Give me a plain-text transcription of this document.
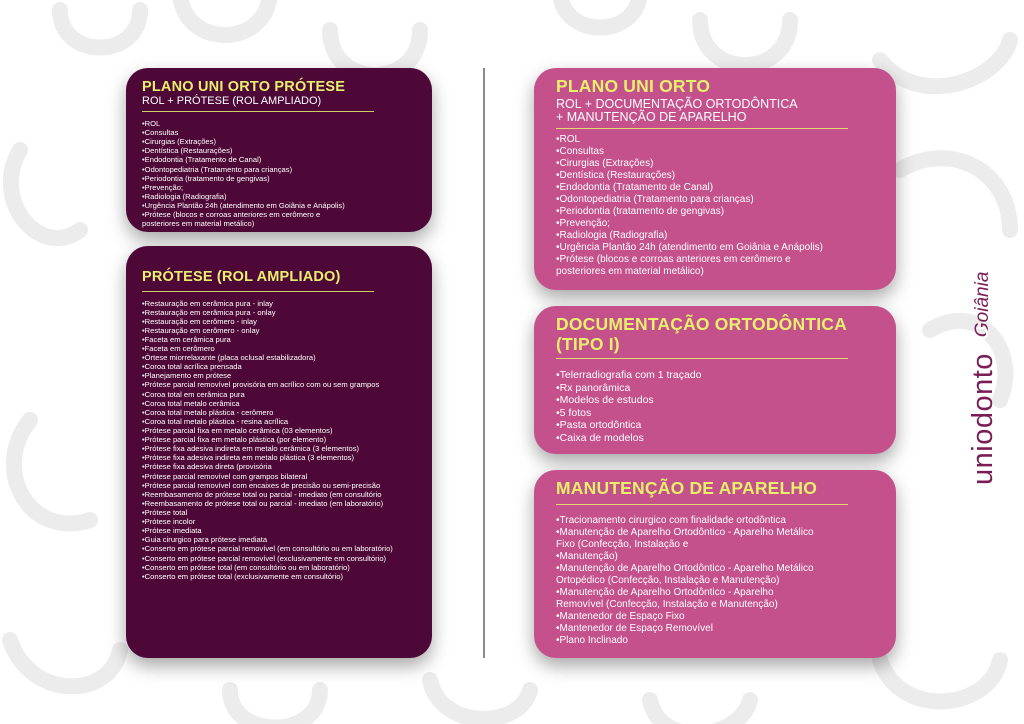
PLANO UNI ORTO PRÓTESE
ROL + PRÓTESE (ROL AMPLIADO)
•ROL
•Consultas
•Cirurgias (Extrações)
•Dentística (Restaurações)
•Endodontia (Tratamento de Canal)
•Odontopediatria (Tratamento para crianças)
•Periodontia (tratamento de gengivas)
•Prevenção;
•Radiologia (Radiografia)
•Urgência Plantão 24h (atendimento em Goiânia e Anápolis)
•Prótese (blocos e corroas anteriores em cerômero e
posteriores em material metálico)
PRÓTESE (ROL AMPLIADO)
•Restauração em cerâmica pura - inlay
•Restauração em cerâmica pura - onlay
•Restauração em cerômero - inlay
•Restauração em cerômero - onlay
•Faceta em cerâmica pura
•Faceta em cerômero
•Órtese miorrelaxante (placa oclusal estabilizadora)
•Coroa total acrílica prensada
•Planejamento em prótese
•Prótese parcial removível provisória em acrílico com ou sem grampos
•Coroa total em cerâmica pura
•Coroa total metalo cerâmica
•Coroa total metalo plástica - cerômero
•Coroa total metalo plástica - resina acrílica
•Prótese parcial fixa em metalo cerâmica (03 elementos)
•Prótese parcial fixa em metalo plástica (por elemento)
•Prótese fixa adesiva indireta em metalo cerâmica (3 elementos)
•Prótese fixa adesiva indireta em metalo plástica (3 elementos)
•Prótese fixa adesiva direta (provisória
•Prótese parcial removível com grampos bilateral
•Prótese parcial removível com encaixes de precisão ou semi-precisão
•Reembasamento de prótese total ou parcial - imediato (em consultório
•Reembasamento de prótese total ou parcial - imediato (em laboratório)
•Prótese total
•Prótese incolor
•Prótese imediata
•Guia cirurgico para prótese imediata
•Conserto em prótese parcial removível (em consultório ou em laboratório)
•Conserto em prótese parcial removível (exclusivamente em consultório)
•Conserto em prótese total (em consultório ou em laboratório)
•Conserto em prótese total (exclusivamente em consultório)
PLANO UNI ORTO
ROL + DOCUMENTAÇÃO ORTODÔNTICA
+ MANUTENÇÃO DE APARELHO
•ROL
•Consultas
•Cirurgias (Extrações)
•Dentística (Restaurações)
•Endodontia (Tratamento de Canal)
•Odontopediatria (Tratamento para crianças)
•Periodontia (tratamento de gengivas)
•Prevenção;
•Radiologia (Radiografia)
•Urgência Plantão 24h (atendimento em Goiânia e Anápolis)
•Prótese (blocos e corroas anteriores em cerômero e
posteriores em material metálico)
DOCUMENTAÇÃO ORTODÔNTICA
(TIPO I)
•Telerradiografia com 1 traçado
•Rx panorâmica
•Modelos de estudos
•5 fotos
•Pasta ortodôntica
•Caixa de modelos
MANUTENÇÃO DE APARELHO
•Tracionamento cirurgico com finalidade ortodôntica
•Manutenção de Aparelho Ortodôntico - Aparelho Metálico
Fixo (Confecção, Instalação e
•Manutenção)
•Manutenção de Aparelho Ortodôntico - Aparelho Metálico
Ortopédico (Confecção, Instalação e Manutenção)
•Manutenção de Aparelho Ortodôntico - Aparelho
Removível (Confecção, Instalação e Manutenção)
•Mantenedor de Espaço Fixo
•Mantenedor de Espaço Removível
•Plano Inclinado
uniodonto
Goiânia
